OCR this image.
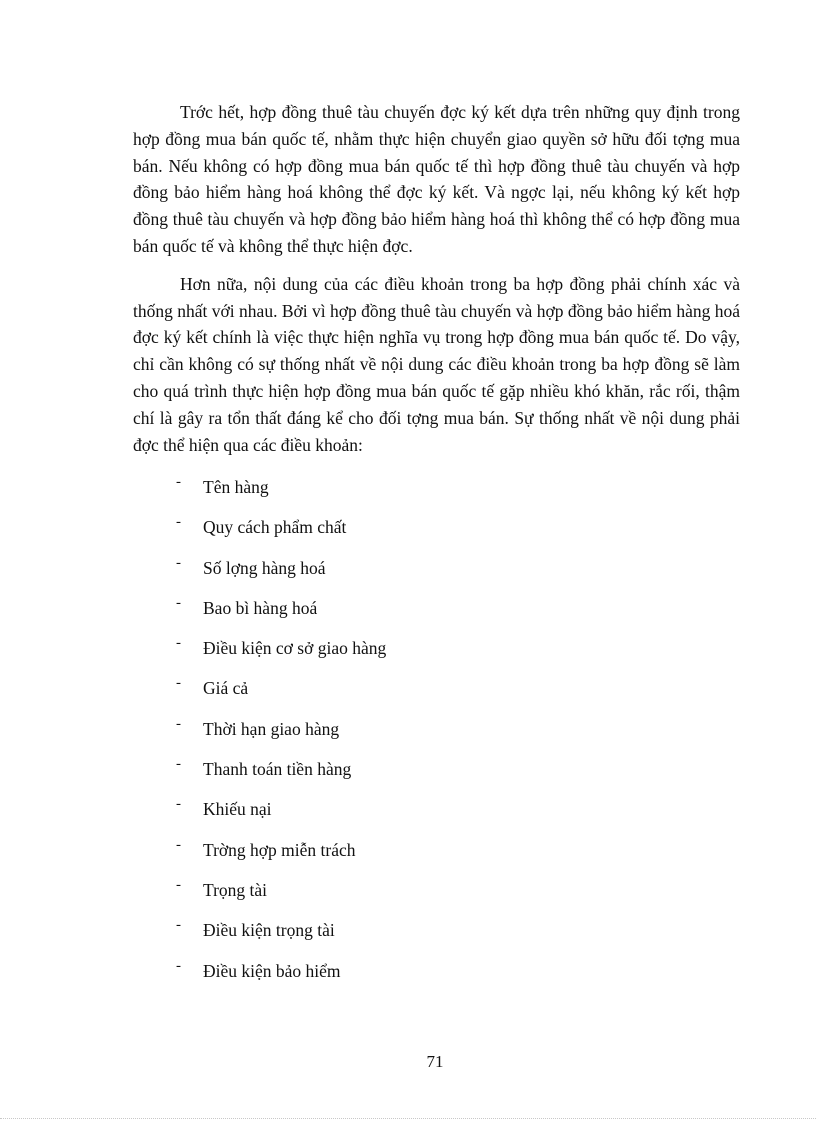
Trớc hết, hợp đồng thuê tàu chuyến đợc ký kết dựa trên những quy định trong hợp đồng mua bán quốc tế, nhằm thực hiện chuyển giao quyền sở hữu đối tợng mua bán. Nếu không có hợp đồng mua bán quốc tế thì hợp đồng thuê tàu chuyến và hợp đồng bảo hiểm hàng hoá không thể đợc ký kết. Và ngợc lại, nếu không ký kết hợp đồng thuê tàu chuyến và hợp đồng bảo hiểm hàng hoá thì không thể có hợp đồng mua bán quốc tế và không thể thực hiện đợc.

Hơn nữa, nội dung của các điều khoản trong ba hợp đồng phải chính xác và thống nhất với nhau. Bởi vì hợp đồng thuê tàu chuyến và hợp đồng bảo hiểm hàng hoá đợc ký kết chính là việc thực hiện nghĩa vụ trong hợp đồng mua bán quốc tế. Do vậy, chỉ cần không có sự thống nhất về nội dung các điều khoản trong ba hợp đồng sẽ làm cho quá trình thực hiện hợp đồng mua bán quốc tế gặp nhiều khó khăn, rắc rối, thậm chí là gây ra tổn thất đáng kể cho đối tợng mua bán. Sự thống nhất về nội dung phải đợc thể hiện qua các điều khoản:

- Tên hàng
- Quy cách phẩm chất
- Số lợng hàng hoá
- Bao bì hàng hoá
- Điều kiện cơ sở giao hàng
- Giá cả
- Thời hạn giao hàng
- Thanh toán tiền hàng
- Khiếu nại
- Trờng hợp miễn trách
- Trọng tài
- Điều kiện trọng tài
- Điều kiện bảo hiểm
71
